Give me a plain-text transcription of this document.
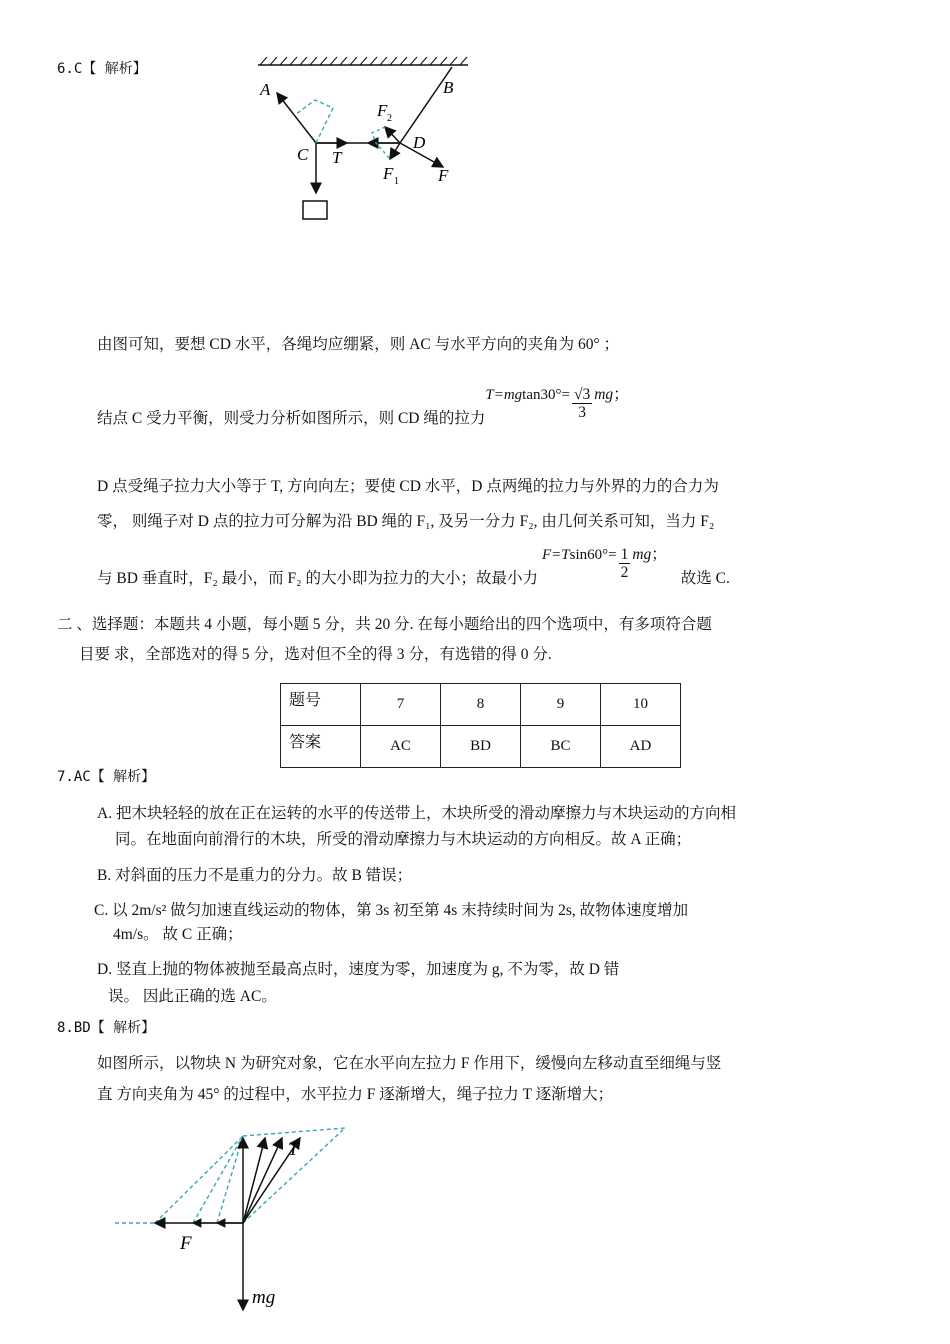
6.C【 解析】
A	B
C T
D
F
F 2
F 1
由图可知，要想 CD 水平，各绳均应绷紧，则 AC 与水平方向的夹角为 60° ；
结点 C 受力平衡，则受力分析如图所示，则 CD 绳的拉力$T=mgtan30^\circ= \frac{√3}{3}$ mg；
D 点受绳子拉力大小等于 T, 方向向左；要使 CD 水平，D 点两绳的拉力与外界的力的合力为
零， 则绳子对 D 点的拉力可分解为沿 BD 绳的 F₁, 及另一分力 F₂, 由几何关系可知，当力 F₂
与 BD 垂直时，F₂ 最小，而 F₂ 的大小即为拉力的大小；故最小力$F=Tsin60^\circ= \frac{1}{2}$ mg；故选 C.
二 、选择题：本题共 4 小题，每小题 5 分，共 20 分. 在每小题给出的四个选项中，有多项符合题
目要 求，全部选对的得 5 分，选对但不全的得 3 分，有选错的得 0 分.
题号	7	8	9	10
答案	AC	BD	BC	AD
7.AC【 解析】
A. 把木块轻轻的放在正在运转的水平的传送带上，木块所受的滑动摩擦力与木块运动的方向相
同。在地面向前滑行的木块，所受的滑动摩擦力与木块运动的方向相反。故 A 正确；
B. 对斜面的压力不是重力的分力。故 B 错误；
C. 以 2m/s² 做匀加速直线运动的物体，第 3s 初至第 4s 末持续时间为 2s, 故物体速度增加
4m/s。 故 C 正确；
D. 竖直上抛的物体被抛至最高点时，速度为零，加速度为 g, 不为零，故 D 错
误。 因此正确的选 AC。
8.BD【 解析】
如图所示，以物块 N 为研究对象，它在水平向左拉力 F 作用下，缓慢向左移动直至细绳与竖
直 方向夹角为 45° 的过程中，水平拉力 F 逐渐增大，绳子拉力 T 逐渐增大；
T
F
mg
